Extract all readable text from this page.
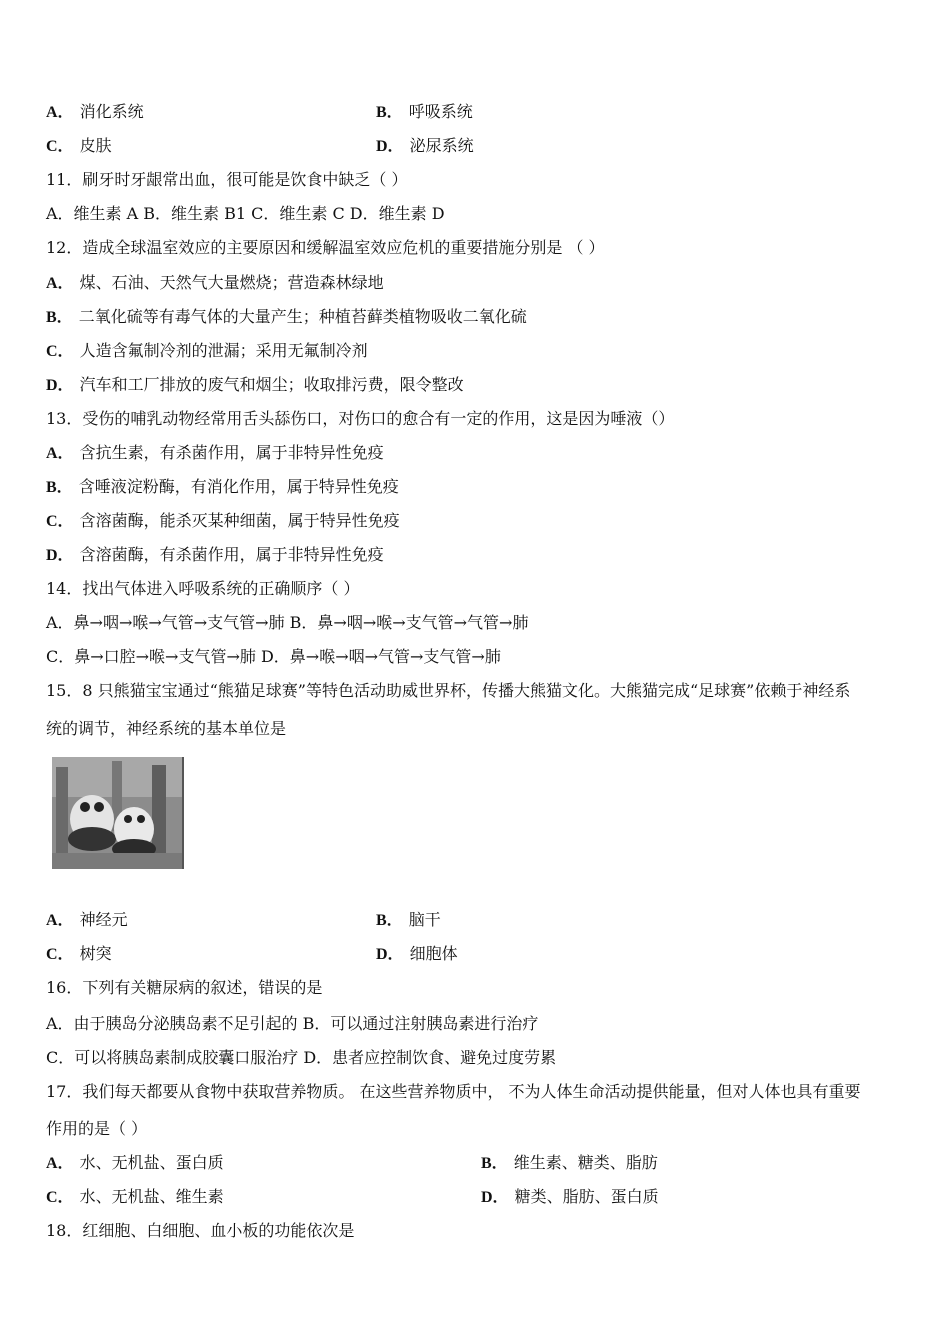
A． 消化系统	B． 呼吸系统
C． 皮肤	D． 泌尿系统
11．刷牙时牙龈常出血，很可能是饮食中缺乏（ ）
A．维生素 A B．维生素 B1 C．维生素 C D．维生素 D
12．造成全球温室效应的主要原因和缓解温室效应危机的重要措施分别是 （ ）
A． 煤、石油、天然气大量燃烧；营造森林绿地
B． 二氧化硫等有毒气体的大量产生；种植苔藓类植物吸收二氧化硫
C． 人造含氟制冷剂的泄漏；采用无氟制冷剂
D． 汽车和工厂排放的废气和烟尘；收取排污费，限令整改
13．受伤的哺乳动物经常用舌头舔伤口，对伤口的愈合有一定的作用，这是因为唾液（）
A． 含抗生素，有杀菌作用，属于非特异性免疫
B． 含唾液淀粉酶，有消化作用，属于特异性免疫
C． 含溶菌酶，能杀灭某种细菌，属于特异性免疫
D． 含溶菌酶，有杀菌作用，属于非特异性免疫
14．找出气体进入呼吸系统的正确顺序（ ）
A．鼻→咽→喉→气管→支气管→肺 B．鼻→咽→喉→支气管→气管→肺
C．鼻→口腔→喉→支气管→肺 D．鼻→喉→咽→气管→支气管→肺
15．8 只熊猫宝宝通过“熊猫足球赛”等特色活动助威世界杯，传播大熊猫文化。大熊猫完成“足球赛”依赖于神经系
统的调节，神经系统的基本单位是
A． 神经元	B． 脑干
C． 树突	D． 细胞体
16．下列有关糖尿病的叙述，错误的是
A．由于胰岛分泌胰岛素不足引起的 B．可以通过注射胰岛素进行治疗
C．可以将胰岛素制成胶囊口服治疗 D．患者应控制饮食、避免过度劳累
17．我们每天都要从食物中获取营养物质。 在这些营养物质中， 不为人体生命活动提供能量，但对人体也具有重要
作用的是（ ）
A． 水、无机盐、蛋白质	B． 维生素、糖类、脂肪
C． 水、无机盐、维生素	D． 糖类、脂肪、蛋白质
18．红细胞、白细胞、血小板的功能依次是
